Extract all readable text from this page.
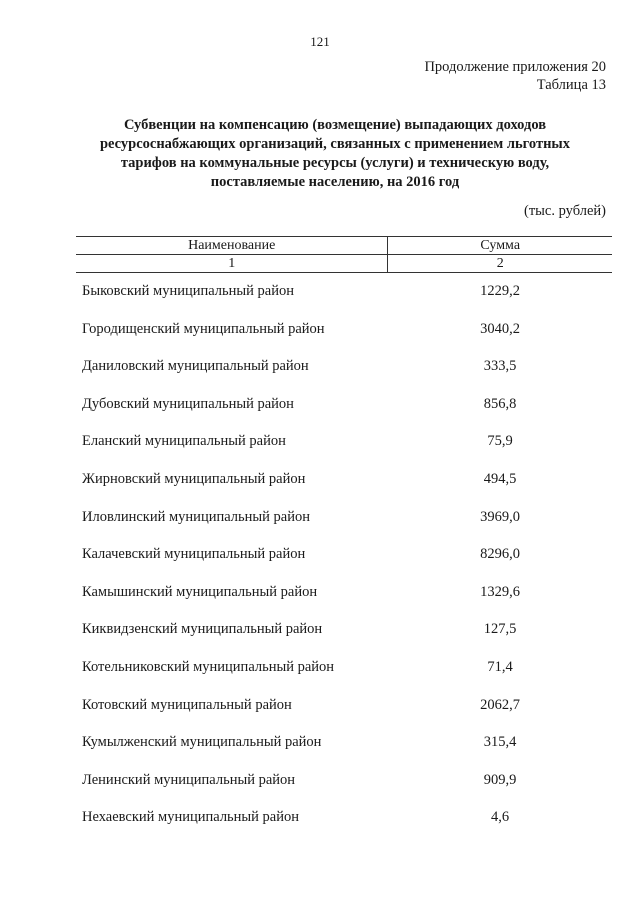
121
Продолжение приложения 20
Таблица 13
Субвенции на компенсацию (возмещение) выпадающих доходов
ресурсоснабжающих организаций, связанных с применением льготных
тарифов на коммунальные ресурсы (услуги) и техническую воду,
поставляемые населению, на 2016 год
(тыс. рублей)
Наименование	Сумма
1	2
Быковский муниципальный район	1229,2
Городищенский муниципальный район	3040,2
Даниловский муниципальный район	333,5
Дубовский муниципальный район	856,8
Еланский муниципальный район	75,9
Жирновский муниципальный район	494,5
Иловлинский муниципальный район	3969,0
Калачевский муниципальный район	8296,0
Камышинский муниципальный район	1329,6
Киквидзенский муниципальный район	127,5
Котельниковский муниципальный район	71,4
Котовский муниципальный район	2062,7
Кумылженский муниципальный район	315,4
Ленинский муниципальный район	909,9
Нехаевский муниципальный район	4,6
